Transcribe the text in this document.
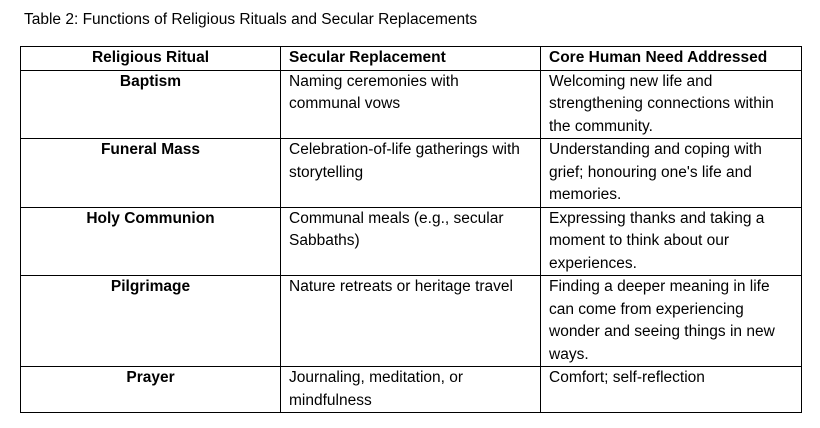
Table 2: Functions of Religious Rituals and Secular Replacements
Religious Ritual	Secular Replacement	Core Human Need Addressed
Baptism	Naming ceremonies with communal vows	Welcoming new life and strengthening connections within the community.
Funeral Mass	Celebration-of-life gatherings with storytelling	Understanding and coping with grief; honouring one's life and memories.
Holy Communion	Communal meals (e.g., secular Sabbaths)	Expressing thanks and taking a moment to think about our experiences.
Pilgrimage	Nature retreats or heritage travel	Finding a deeper meaning in life can come from experiencing wonder and seeing things in new ways.
Prayer	Journaling, meditation, or mindfulness	Comfort; self-reflection
